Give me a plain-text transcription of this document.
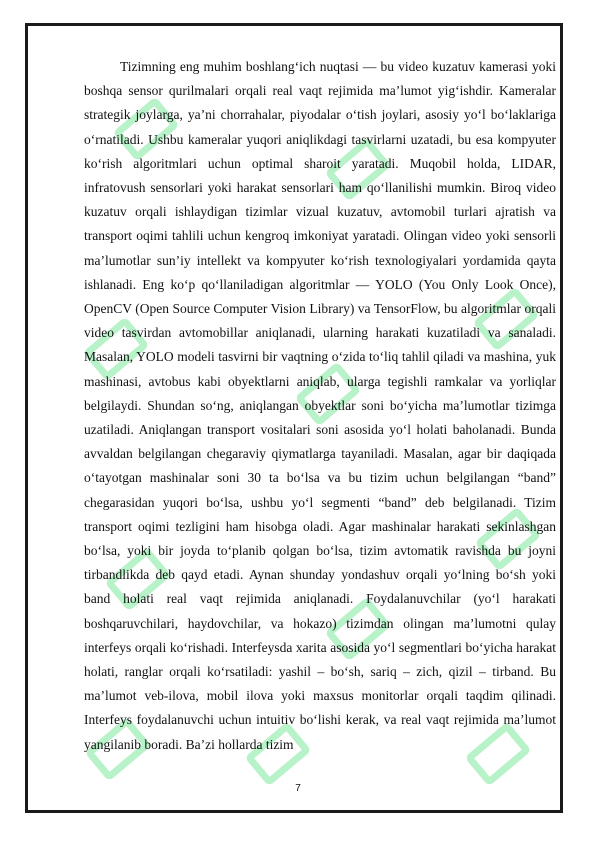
Tizimning eng muhim boshlang‘ich nuqtasi — bu video kuzatuv kamerasi yoki boshqa sensor qurilmalari orqali real vaqt rejimida ma’lumot yig‘ishdir. Kameralar strategik joylarga, ya’ni chorrahalar, piyodalar o‘tish joylari, asosiy yo‘l bo‘laklariga o‘rnatiladi. Ushbu kameralar yuqori aniqlikdagi tasvirlarni uzatadi, bu esa kompyuter ko‘rish algoritmlari uchun optimal sharoit yaratadi. Muqobil holda, LIDAR, infratovush sensorlari yoki harakat sensorlari ham qo‘llanilishi mumkin. Biroq video kuzatuv orqali ishlaydigan tizimlar vizual kuzatuv, avtomobil turlari ajratish va transport oqimi tahlili uchun kengroq imkoniyat yaratadi. Olingan video yoki sensorli ma’lumotlar sun’iy intellekt va kompyuter ko‘rish texnologiyalari yordamida qayta ishlanadi. Eng ko‘p qo‘llaniladigan algoritmlar — YOLO (You Only Look Once), OpenCV (Open Source Computer Vision Library) va TensorFlow, bu algoritmlar orqali video tasvirdan avtomobillar aniqlanadi, ularning harakati kuzatiladi va sanaladi. Masalan, YOLO modeli tasvirni bir vaqtning o‘zida to‘liq tahlil qiladi va mashina, yuk mashinasi, avtobus kabi obyektlarni aniqlab, ularga tegishli ramkalar va yorliqlar belgilaydi. Shundan so‘ng, aniqlangan obyektlar soni bo‘yicha ma’lumotlar tizimga uzatiladi. Aniqlangan transport vositalari soni asosida yo‘l holati baholanadi. Bunda avvaldan belgilangan chegaraviy qiymatlarga tayaniladi. Masalan, agar bir daqiqada o‘tayotgan mashinalar soni 30 ta bo‘lsa va bu tizim uchun belgilangan “band” chegarasidan yuqori bo‘lsa, ushbu yo‘l segmenti “band” deb belgilanadi. Tizim transport oqimi tezligini ham hisobga oladi. Agar mashinalar harakati sekinlashgan bo‘lsa, yoki bir joyda to‘planib qolgan bo‘lsa, tizim avtomatik ravishda bu joyni tirbandlikda deb qayd etadi. Aynan shunday yondashuv orqali yo‘lning bo‘sh yoki band holati real vaqt rejimida aniqlanadi. Foydalanuvchilar (yo‘l harakati boshqaruvchilari, haydovchilar, va hokazo) tizimdan olingan ma’lumotni qulay interfeys orqali ko‘rishadi. Interfeysda xarita asosida yo‘l segmentlari bo‘yicha harakat holati, ranglar orqali ko‘rsatiladi: yashil – bo‘sh, sariq – zich, qizil – tirband. Bu ma’lumot veb-ilova, mobil ilova yoki maxsus monitorlar orqali taqdim qilinadi. Interfeys foydalanuvchi uchun intuitiv bo‘lishi kerak, va real vaqt rejimida ma’lumot yangilanib boradi. Ba’zi hollarda tizim

7
